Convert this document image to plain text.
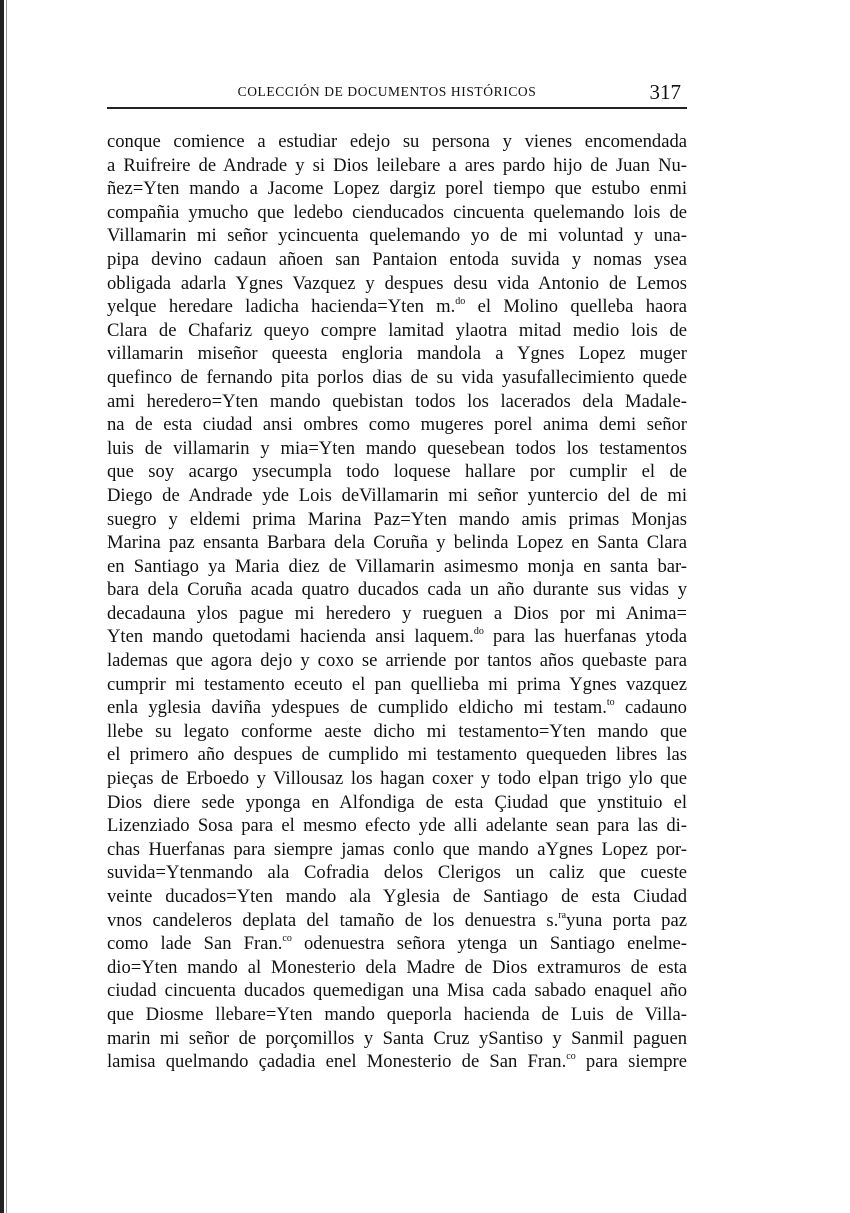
COLECCIÓN DE DOCUMENTOS HISTÓRICOS	317
conque comience a estudiar edejo su persona y vienes encomendada
a Ruifreire de Andrade y si Dios leilebare a ares pardo hijo de Juan Nu-
ñez=Yten mando a Jacome Lopez dargiz porel tiempo que estubo enmi
compañia ymucho que ledebo cienducados cincuenta quelemando lois de
Villamarin mi señor ycincuenta quelemando yo de mi voluntad y una-
pipa devino cadaun añoen san Pantaion entoda suvida y nomas ysea
obligada adarla Ygnes Vazquez y despues desu vida Antonio de Lemos
yelque heredare ladicha hacienda=Yten m.$^{do}$ el Molino quelleba haora
Clara de Chafariz queyo compre lamitad ylaotra mitad medio lois de
villamarin miseñor queesta engloria mandola a Ygnes Lopez muger
quefinco de fernando pita porlos dias de su vida yasufallecimiento quede
ami heredero=Yten mando quebistan todos los lacerados dela Madale-
na de esta ciudad ansi ombres como mugeres porel anima demi señor
luis de villamarin y mia=Yten mando quesebean todos los testamentos
que soy acargo ysecumpla todo loquese hallare por cumplir el de
Diego de Andrade yde Lois deVillamarin mi señor yuntercio del de mi
suegro y eldemi prima Marina Paz=Yten mando amis primas Monjas
Marina paz ensanta Barbara dela Coruña y belinda Lopez en Santa Clara
en Santiago ya Maria diez de Villamarin asimesmo monja en santa bar-
bara dela Coruña acada quatro ducados cada un año durante sus vidas y
decadauna ylos pague mi heredero y rueguen a Dios por mi Anima=
Yten mando quetodami hacienda ansi laquem.$^{do}$ para las huerfanas ytoda
lademas que agora dejo y coxo se arriende por tantos años quebaste para
cumprir mi testamento eceuto el pan quellieba mi prima Ygnes vazquez
enla yglesia daviña ydespues de cumplido eldicho mi testam.$^{to}$ cadauno
llebe su legato conforme aeste dicho mi testamento=Yten mando que
el primero año despues de cumplido mi testamento quequeden libres las
pieças de Erboedo y Villousaz los hagan coxer y todo elpan trigo ylo que
Dios diere sede yponga en Alfondiga de esta Çiudad que ynstituio el
Lizenziado Sosa para el mesmo efecto yde alli adelante sean para las di-
chas Huerfanas para siempre jamas conlo que mando aYgnes Lopez por-
suvida=Ytenmando ala Cofradia delos Clerigos un caliz que cueste
veinte ducados=Yten mando ala Yglesia de Santiago de esta Ciudad
vnos candeleros deplata del tamaño de los denuestra s.$^{ra}$yuna porta paz
como lade San Fran.$^{co}$ odenuestra señora ytenga un Santiago enelme-
dio=Yten mando al Monesterio dela Madre de Dios extramuros de esta
ciudad cincuenta ducados quemedigan una Misa cada sabado enaquel año
que Diosme llebare=Yten mando queporla hacienda de Luis de Villa-
marin mi señor de porçomillos y Santa Cruz ySantiso y Sanmil paguen
lamisa quelmando çadadia enel Monesterio de San Fran.$^{co}$ para siempre
